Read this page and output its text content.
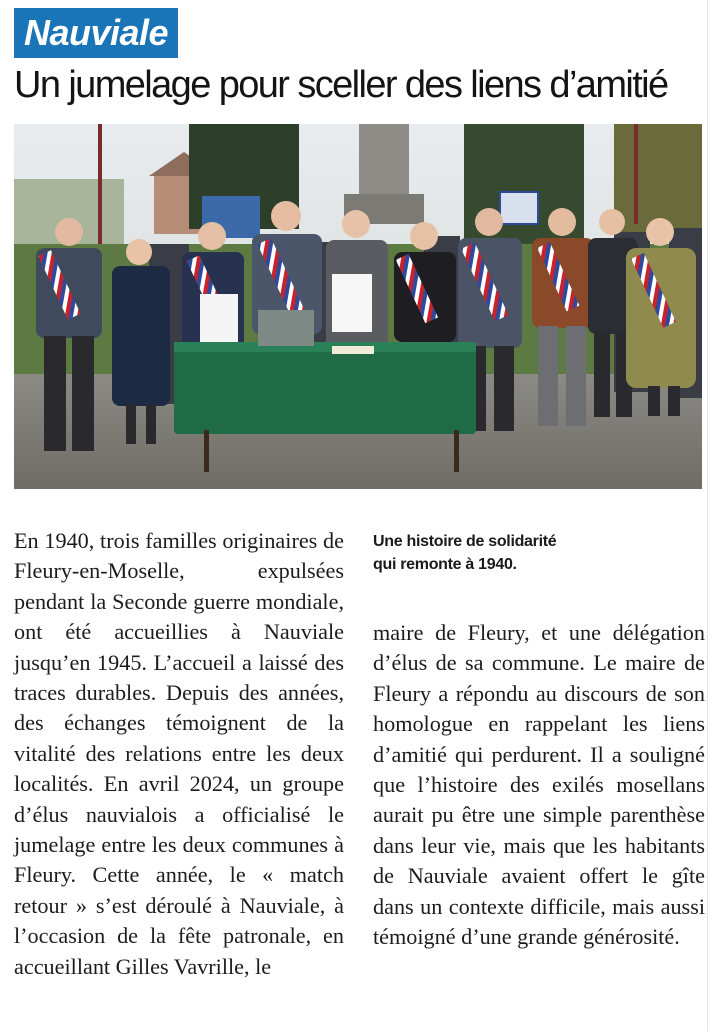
Nauviale
Un jumelage pour sceller des liens d’amitié

En 1940, trois familles originaires de Fleury-en-Moselle, expulsées pendant la Seconde guerre mondiale, ont été accueillies à Nauviale jusqu’en 1945. L’accueil a laissé des traces durables. Depuis des années, des échanges témoignent de la vitalité des relations entre les deux localités. En avril 2024, un groupe d’élus nauvialois a officialisé le jumelage entre les deux communes à Fleury. Cette année, le « match retour » s’est déroulé à Nauviale, à l’occasion de la fête patronale, en accueillant Gilles Vavrille, le

Une histoire de solidarité
qui remonte à 1940.

maire de Fleury, et une délégation d’élus de sa commune. Le maire de Fleury a répondu au discours de son homologue en rappelant les liens d’amitié qui perdurent. Il a souligné que l’histoire des exilés mosellans aurait pu être une simple parenthèse dans leur vie, mais que les habitants de Nauviale avaient offert le gîte dans un contexte difficile, mais aussi témoigné d’une grande générosité.
